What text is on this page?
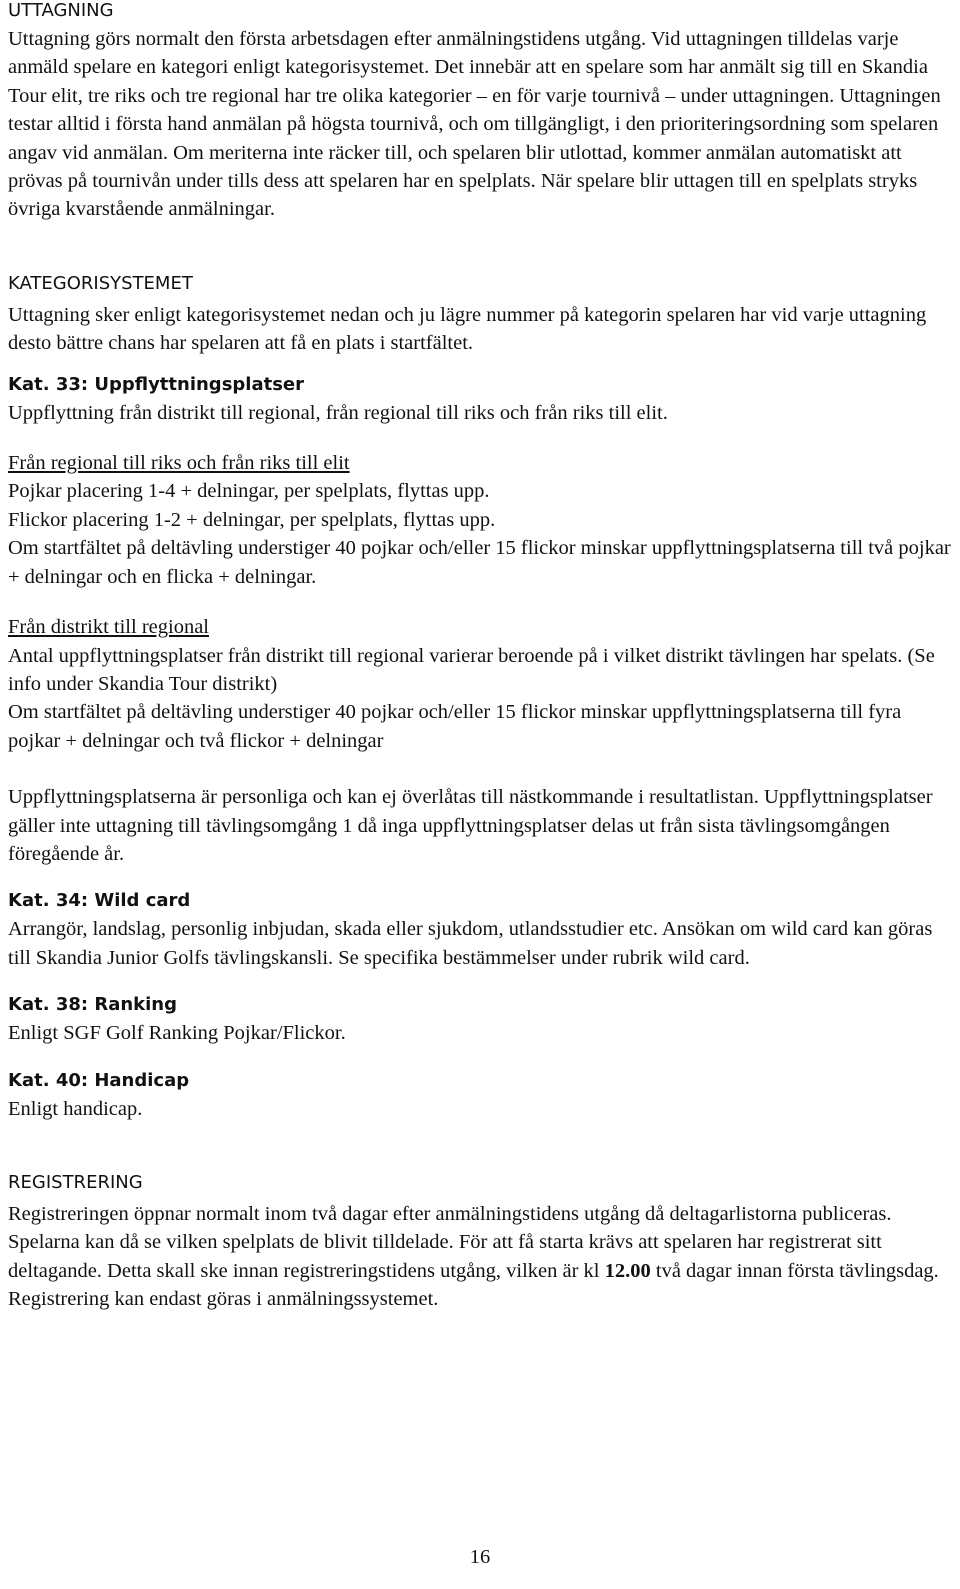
UTTAGNING

Uttagning görs normalt den första arbetsdagen efter anmälningstidens utgång. Vid uttagningen tilldelas varje anmäld spelare en kategori enligt kategorisystemet. Det innebär att en spelare som har anmält sig till en Skandia Tour elit, tre riks och tre regional har tre olika kategorier – en för varje tournivå – under uttagningen. Uttagningen testar alltid i första hand anmälan på högsta tournivå, och om tillgängligt, i den prioriteringsordning som spelaren angav vid anmälan. Om meriterna inte räcker till, och spelaren blir utlottad, kommer anmälan automatiskt att prövas på tournivån under tills dess att spelaren har en spelplats. När spelare blir uttagen till en spelplats stryks övriga kvarstående anmälningar.

KATEGORISYSTEMET

Uttagning sker enligt kategorisystemet nedan och ju lägre nummer på kategorin spelaren har vid varje uttagning desto bättre chans har spelaren att få en plats i startfältet.

Kat. 33: Uppflyttningsplatser

Uppflyttning från distrikt till regional, från regional till riks och från riks till elit.

Från regional till riks och från riks till elit

Pojkar placering 1-4 + delningar, per spelplats, flyttas upp.

Flickor placering 1-2 + delningar, per spelplats, flyttas upp.

Om startfältet på deltävling understiger 40 pojkar och/eller 15 flickor minskar uppflyttningsplatserna till två pojkar + delningar och en flicka + delningar.

Från distrikt till regional

Antal uppflyttningsplatser från distrikt till regional varierar beroende på i vilket distrikt tävlingen har spelats. (Se info under Skandia Tour distrikt)

Om startfältet på deltävling understiger 40 pojkar och/eller 15 flickor minskar uppflyttningsplatserna till fyra pojkar + delningar och två flickor + delningar

Uppflyttningsplatserna är personliga och kan ej överlåtas till nästkommande i resultatlistan. Uppflyttningsplatser gäller inte uttagning till tävlingsomgång 1 då inga uppflyttningsplatser delas ut från sista tävlingsomgången föregående år.

Kat. 34: Wild card

Arrangör, landslag, personlig inbjudan, skada eller sjukdom, utlandsstudier etc. Ansökan om wild card kan göras till Skandia Junior Golfs tävlingskansli. Se specifika bestämmelser under rubrik wild card.

Kat. 38: Ranking

Enligt SGF Golf Ranking Pojkar/Flickor.

Kat. 40: Handicap

Enligt handicap.

REGISTRERING

Registreringen öppnar normalt inom två dagar efter anmälningstidens utgång då deltagarlistorna publiceras. Spelarna kan då se vilken spelplats de blivit tilldelade. För att få starta krävs att spelaren har registrerat sitt deltagande. Detta skall ske innan registreringstidens utgång, vilken är kl 12.00 två dagar innan första tävlingsdag. Registrering kan endast göras i anmälningssystemet.

16
